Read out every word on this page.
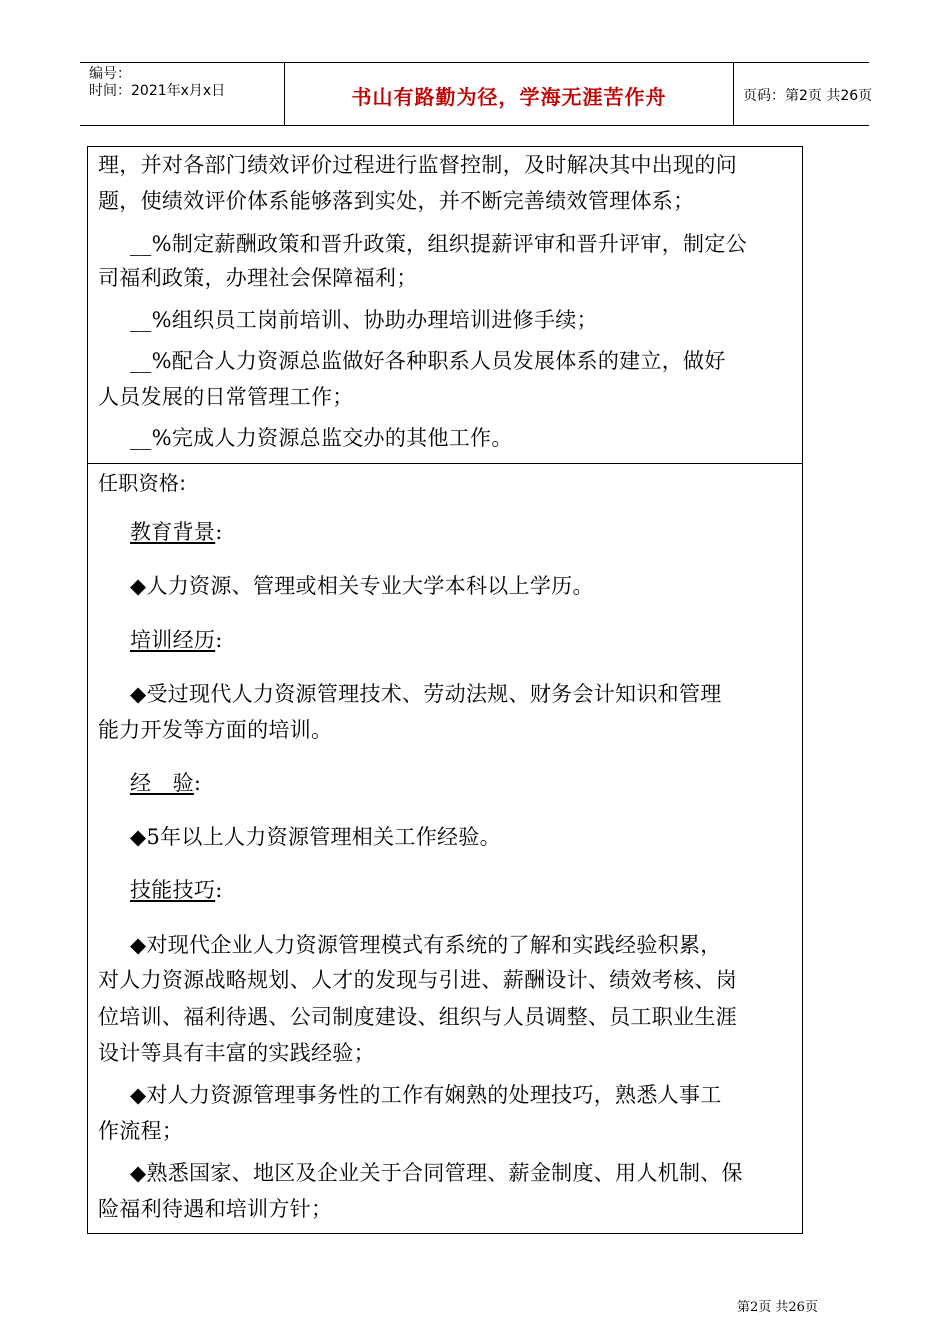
编号：
时间：2021年x月x日	书山有路勤为径，学海无涯苦作舟	页码：第2页 共26页
理，并对各部门绩效评价过程进行监督控制，及时解决其中出现的问
题，使绩效评价体系能够落到实处，并不断完善绩效管理体系；
__%制定薪酬政策和晋升政策，组织提薪评审和晋升评审，制定公
司福利政策，办理社会保障福利；
__%组织员工岗前培训、协助办理培训进修手续；
__%配合人力资源总监做好各种职系人员发展体系的建立，做好
人员发展的日常管理工作；
__%完成人力资源总监交办的其他工作。
任职资格:
教育背景:
◆人力资源、管理或相关专业大学本科以上学历。
培训经历:
◆受过现代人力资源管理技术、劳动法规、财务会计知识和管理
能力开发等方面的培训。
经　验:
◆5年以上人力资源管理相关工作经验。
技能技巧:
◆对现代企业人力资源管理模式有系统的了解和实践经验积累，
对人力资源战略规划、人才的发现与引进、薪酬设计、绩效考核、岗
位培训、福利待遇、公司制度建设、组织与人员调整、员工职业生涯
设计等具有丰富的实践经验；
◆对人力资源管理事务性的工作有娴熟的处理技巧，熟悉人事工
作流程；
◆熟悉国家、地区及企业关于合同管理、薪金制度、用人机制、保
险福利待遇和培训方针；
第2页 共26页
